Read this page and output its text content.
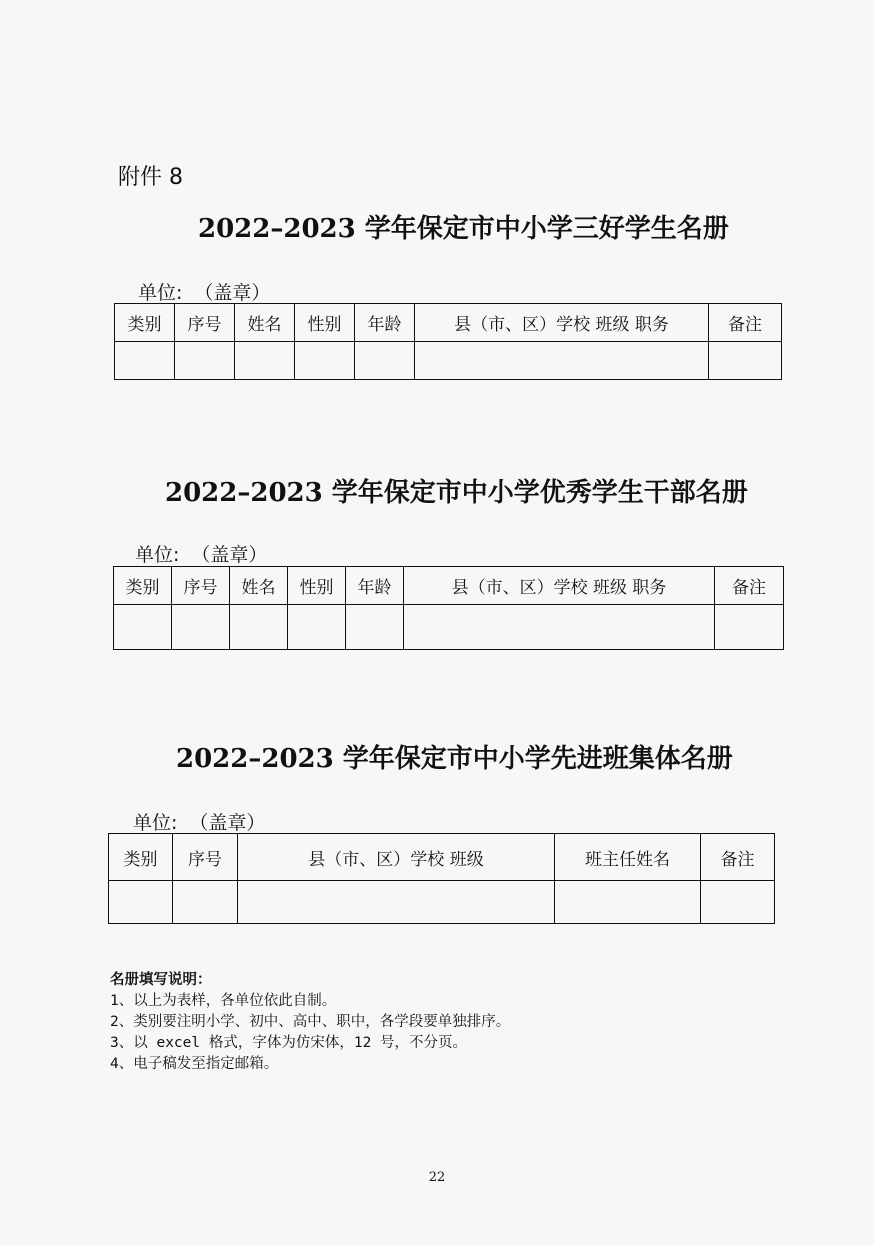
附件 8
2022–2023 学年保定市中小学三好学生名册
单位: （盖章）
类别	序号	姓名	性别	年龄	县（市、区）学校 班级 职务	备注

2022–2023 学年保定市中小学优秀学生干部名册
单位: （盖章）
类别	序号	姓名	性别	年龄	县（市、区）学校 班级 职务	备注

2022–2023 学年保定市中小学先进班集体名册
单位: （盖章）
类别	序号	县（市、区）学校 班级	班主任姓名	备注

名册填写说明：
1、以上为表样，各单位依此自制。
2、类别要注明小学、初中、高中、职中，各学段要单独排序。
3、以 excel 格式，字体为仿宋体，12 号，不分页。
4、电子稿发至指定邮箱。
22
